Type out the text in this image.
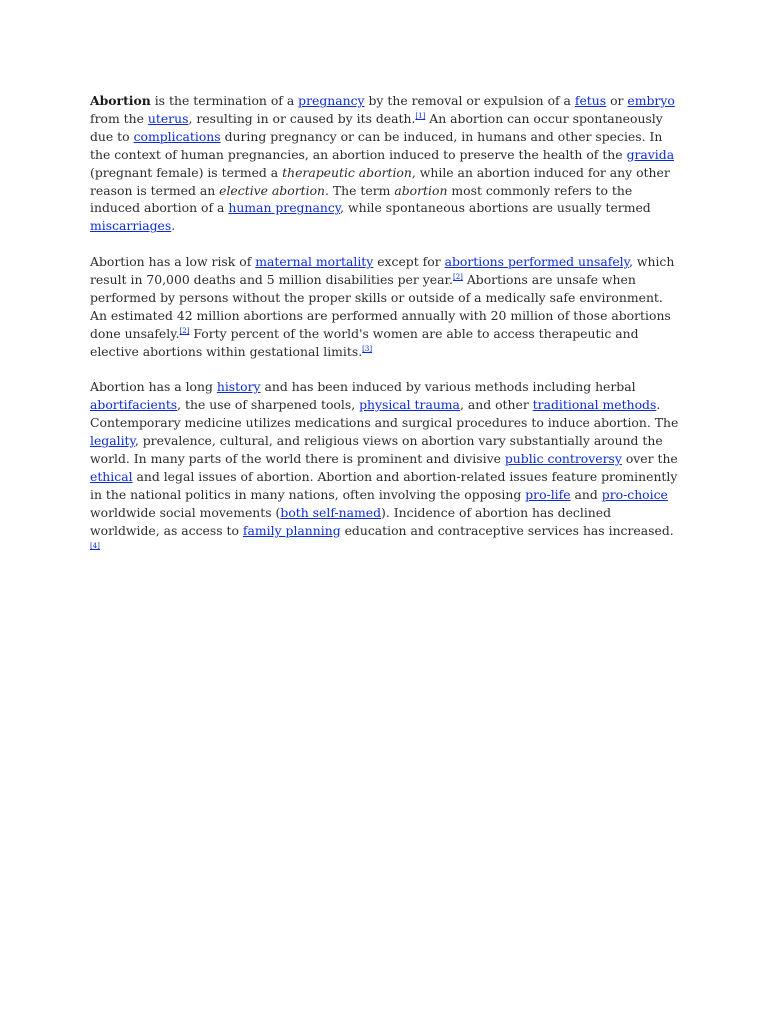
Abortion is the termination of a pregnancy by the removal or expulsion of a fetus or embryo from the uterus, resulting in or caused by its death.[1] An abortion can occur spontaneously due to complications during pregnancy or can be induced, in humans and other species. In the context of human pregnancies, an abortion induced to preserve the health of the gravida (pregnant female) is termed a therapeutic abortion, while an abortion induced for any other reason is termed an elective abortion. The term abortion most commonly refers to the induced abortion of a human pregnancy, while spontaneous abortions are usually termed miscarriages.

Abortion has a low risk of maternal mortality except for abortions performed unsafely, which result in 70,000 deaths and 5 million disabilities per year.[2] Abortions are unsafe when performed by persons without the proper skills or outside of a medically safe environment. An estimated 42 million abortions are performed annually with 20 million of those abortions done unsafely.[2] Forty percent of the world's women are able to access therapeutic and elective abortions within gestational limits.[3]

Abortion has a long history and has been induced by various methods including herbal abortifacients, the use of sharpened tools, physical trauma, and other traditional methods. Contemporary medicine utilizes medications and surgical procedures to induce abortion. The legality, prevalence, cultural, and religious views on abortion vary substantially around the world. In many parts of the world there is prominent and divisive public controversy over the ethical and legal issues of abortion. Abortion and abortion-related issues feature prominently in the national politics in many nations, often involving the opposing pro-life and pro-choice worldwide social movements (both self-named). Incidence of abortion has declined worldwide, as access to family planning education and contraceptive services has increased.[4]
